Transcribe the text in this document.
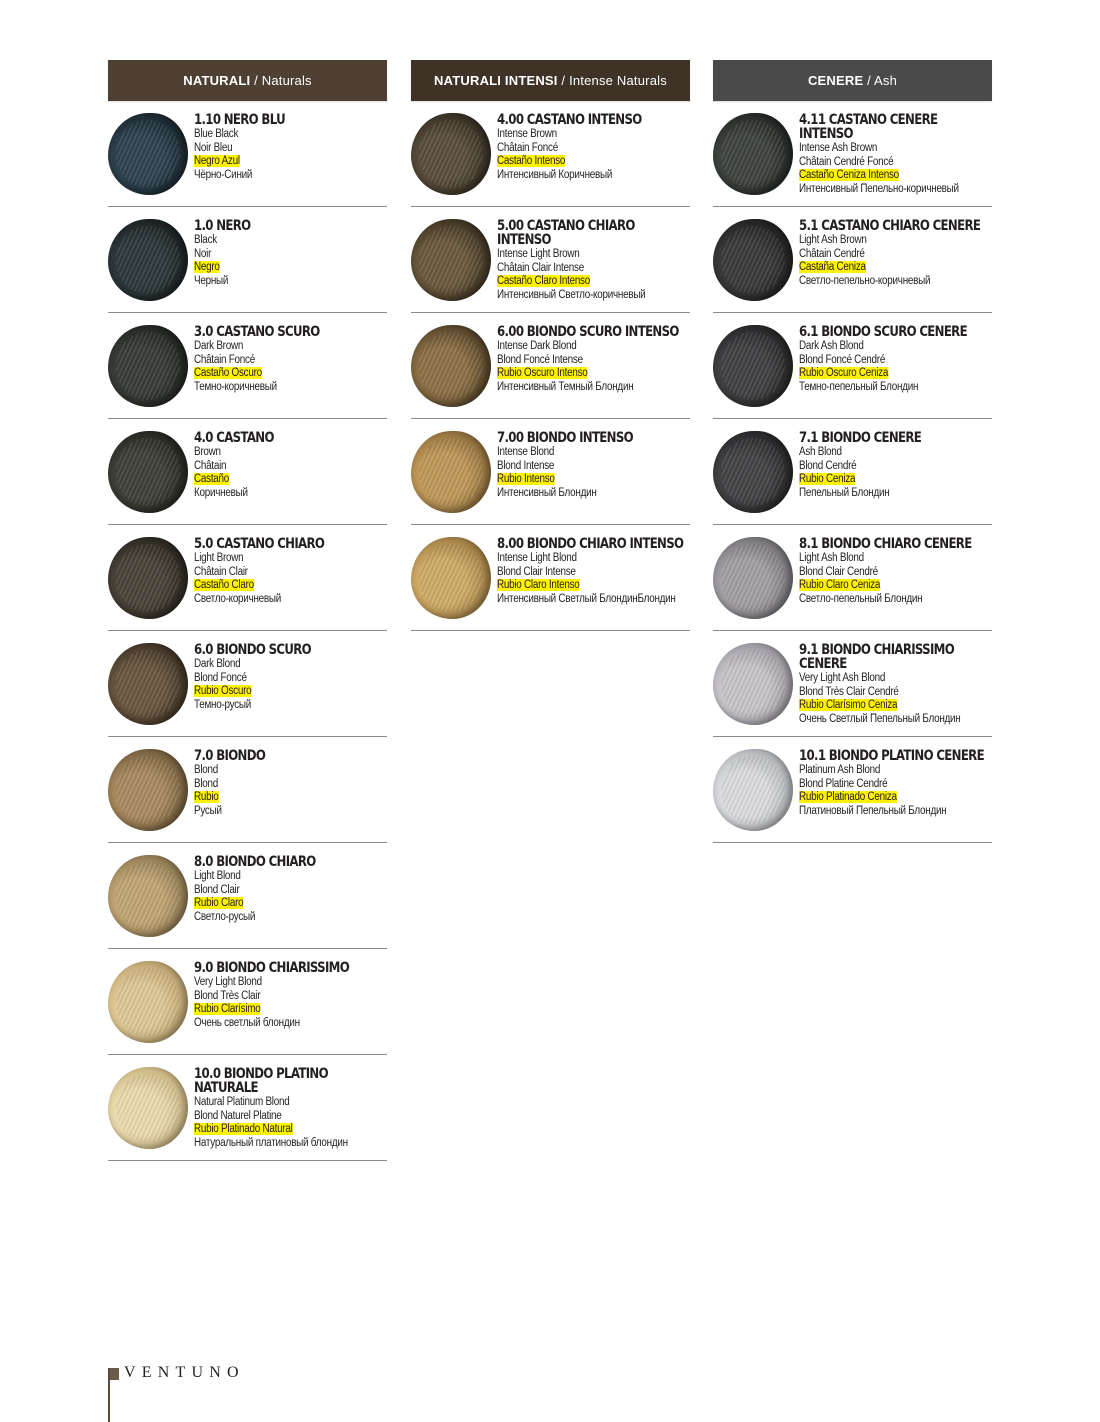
NATURALI / Naturals
1.10 NERO BLU
Blue Black
Noir Bleu
Negro Azul
Чёрно-Синий
1.0 NERO
Black
Noir
Negro
Черный
3.0 CASTANO SCURO
Dark Brown
Châtain Foncé
Castaño Oscuro
Темно-коричневый
4.0 CASTANO
Brown
Châtain
Castaño
Коричневый
5.0 CASTANO CHIARO
Light Brown
Châtain Clair
Castaño Claro
Светло-коричневый
6.0 BIONDO SCURO
Dark Blond
Blond Foncé
Rubio Oscuro
Темно-русый
7.0 BIONDO
Blond
Blond
Rubio
Русый
8.0 BIONDO CHIARO
Light Blond
Blond Clair
Rubio Claro
Светло-русый
9.0 BIONDO CHIARISSIMO
Very Light Blond
Blond Très Clair
Rubio Clarísimo
Очень светлый блондин
10.0 BIONDO PLATINO NATURALE
Natural Platinum Blond
Blond Naturel Platine
Rubio Platinado Natural
Натуральный платиновый блондин
NATURALI INTENSI / Intense Naturals
4.00 CASTANO INTENSO
Intense Brown
Châtain Foncé
Castaño Intenso
Интенсивный Коричневый
5.00 CASTANO CHIARO INTENSO
Intense Light Brown
Châtain Clair Intense
Castaño Claro Intenso
Интенсивный Светло-коричневый
6.00 BIONDO SCURO INTENSO
Intense Dark Blond
Blond Foncé Intense
Rubio Oscuro Intenso
Интенсивный Темный Блондин
7.00 BIONDO INTENSO
Intense Blond
Blond Intense
Rubio Intenso
Интенсивный Блондин
8.00 BIONDO CHIARO INTENSO
Intense Light Blond
Blond Clair Intense
Rubio Claro Intenso
Интенсивный Светлый БлондинБлондин
CENERE / Ash
4.11 CASTANO CENERE INTENSO
Intense Ash Brown
Châtain Cendré Foncé
Castaño Ceniza Intenso
Интенсивный Пепельно-коричневый
5.1 CASTANO CHIARO CENERE
Light Ash Brown
Châtain Cendré
Castaña Ceniza
Светло-пепельно-коричневый
6.1 BIONDO SCURO CENERE
Dark Ash Blond
Blond Foncé Cendré
Rubio Oscuro Ceniza
Темно-пепельный Блондин
7.1 BIONDO CENERE
Ash Blond
Blond Cendré
Rubio Ceniza
Пепельный Блондин
8.1 BIONDO CHIARO CENERE
Light Ash Blond
Blond Clair Cendré
Rubio Claro Ceniza
Светло-пепельный Блондин
9.1 BIONDO CHIARISSIMO CENERE
Very Light Ash Blond
Blond Très Clair Cendré
Rubio Clarísimo Ceniza
Очень Светлый Пепельный Блондин
10.1 BIONDO PLATINO CENERE
Platinum Ash Blond
Blond Platine Cendré
Rubio Platinado Ceniza
Платиновый Пепельный Блондин
VENTUNO
